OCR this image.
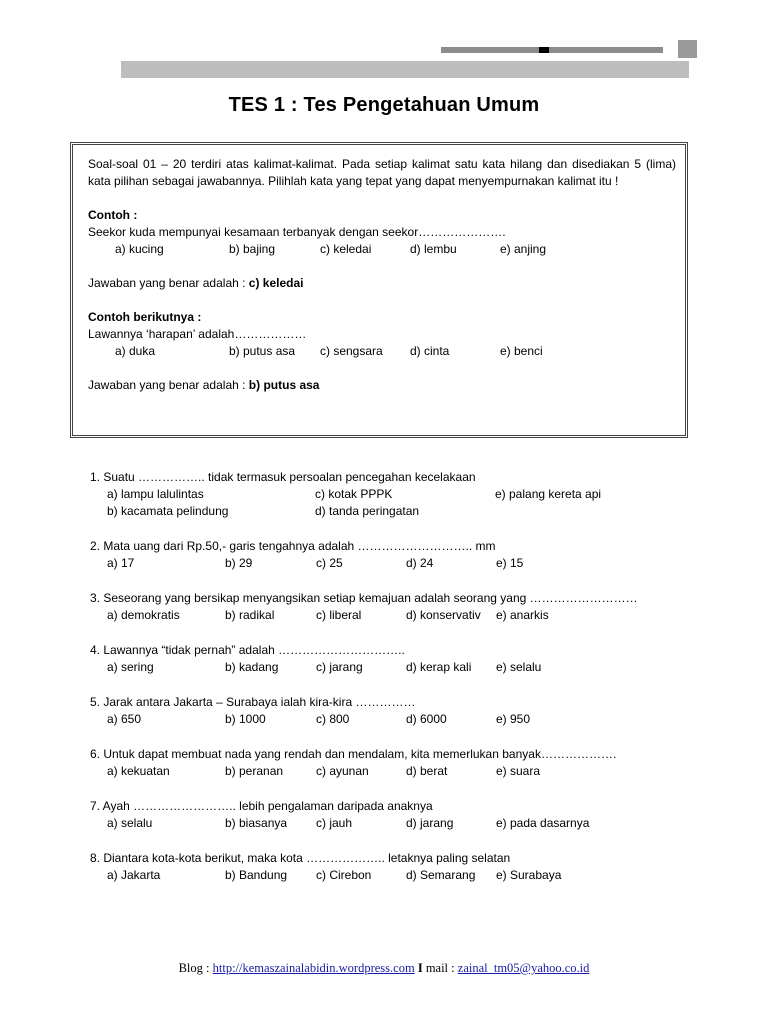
TES 1 : Tes Pengetahuan Umum

Soal-soal 01 – 20 terdiri atas kalimat-kalimat. Pada setiap kalimat satu kata hilang dan disediakan 5 (lima) kata pilihan sebagai jawabannya. Pilihlah kata yang tepat yang dapat menyempurnakan kalimat itu !

Contoh :

Seekor kuda mempunyai kesamaan terbanyak dengan seekor………………….

a) kucing	b) bajing	c) keledai	d) lembu	e) anjing

Jawaban yang benar adalah : c) keledai

Contoh berikutnya :

Lawannya ‘harapan’ adalah………………

a) duka	b) putus asa c) sengsara d) cinta	e) benci

Jawaban yang benar adalah : b) putus asa

1. Suatu …………….. tidak termasuk persoalan pencegahan kecelakaan
a) lampu lalulintas	c) kotak PPPK	e) palang kereta api
b) kacamata pelindung	d) tanda peringatan
2. Mata uang dari Rp.50,- garis tengahnya adalah ……………………….. mm
a) 17	b) 29	c) 25	d) 24	e) 15
3. Seseorang yang bersikap menyangsikan setiap kemajuan adalah seorang yang ………………………
a) demokratis	b) radikal	c) liberal	d) konservativ e) anarkis
4. Lawannya “tidak pernah” adalah …………………………..
a) sering	b) kadang	c) jarang	d) kerap kali e) selalu
5. Jarak antara Jakarta – Surabaya ialah kira-kira ……………
a) 650	b) 1000	c) 800	d) 6000	e) 950
6. Untuk dapat membuat nada yang rendah dan mendalam, kita memerlukan banyak……………….
a) kekuatan	b) peranan	c) ayunan	d) berat	e) suara
7. Ayah …………………….. lebih pengalaman daripada anaknya
a) selalu	b) biasanya c) jauh	d) jarang	e) pada dasarnya
8. Diantara kota-kota berikut, maka kota ……………….. letaknya paling selatan
a) Jakarta	b) Bandung c) Cirebon	d) Semarang e) Surabaya
Blog : http://kemaszainalabidin.wordpress.com I mail : zainal_tm05@yahoo.co.id
